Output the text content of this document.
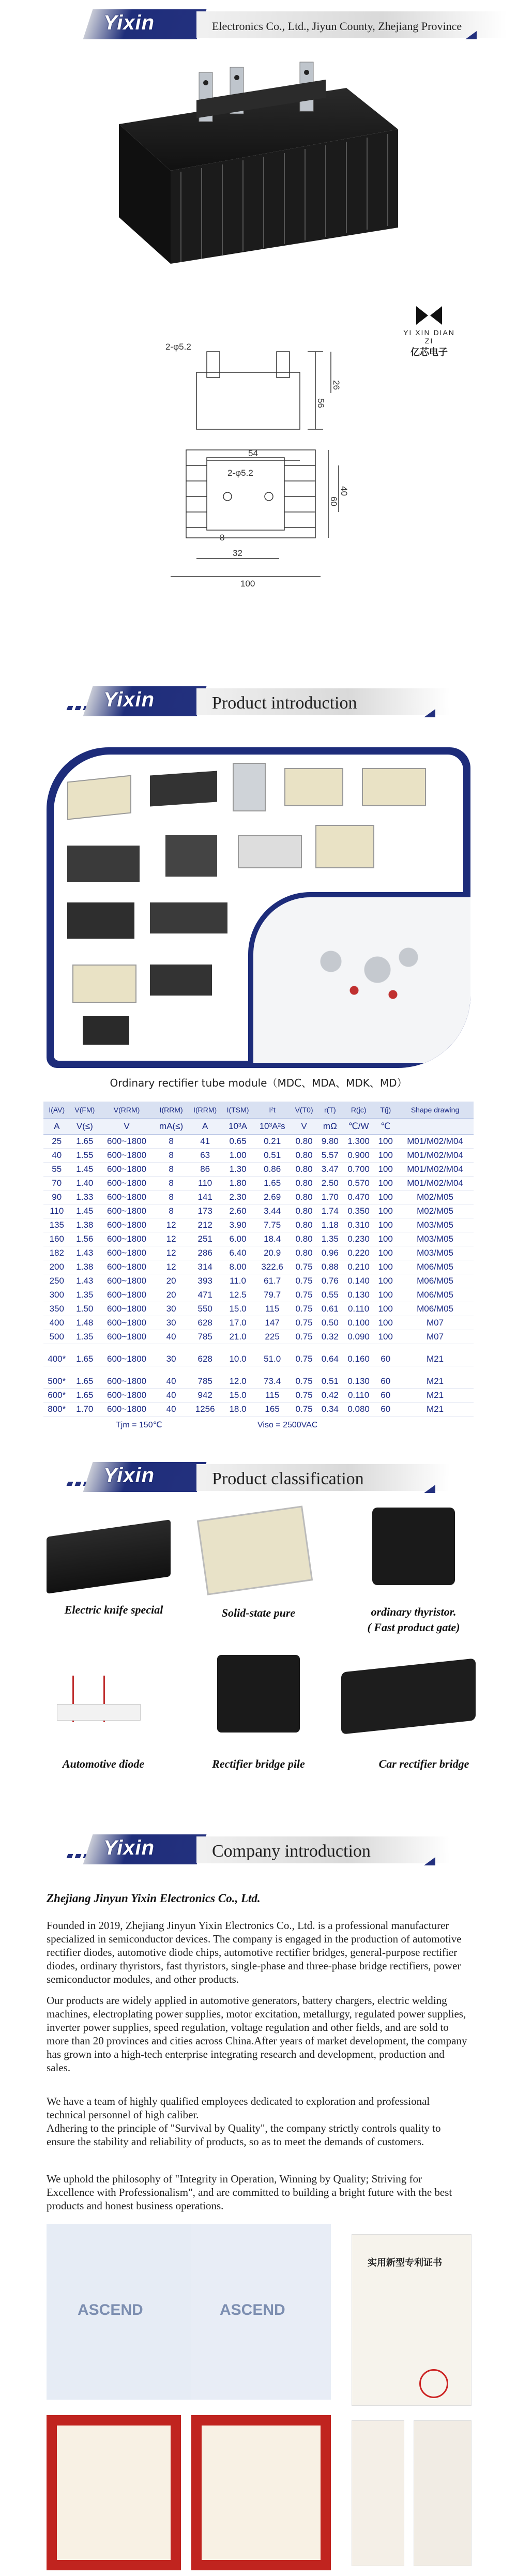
Yixin	Electronics Co., Ltd., Jiyun County, Zhejiang Province
YI XIN DIAN ZI
亿芯电子
2-φ5.2
26
56
54
2-φ5.2
40
60
8
32
100
Yixin	Product introduction
Ordinary rectifier tube module（MDC、MDA、MDK、MD）
I(AV)	V(FM)	V(RRM)	I(RRM)	I(RRM)	I(TSM)	I²t	V(T0)	r(T)	R(jc)	T(j)	Shape drawing
A	V(≤)	V	mA(≤)	A	10³A	10³A²s	V	mΩ	℃/W	℃	
25	1.65	600~1800	8	41	0.65	0.21	0.80	9.80	1.300	100	M01/M02/M04
40	1.55	600~1800	8	63	1.00	0.51	0.80	5.57	0.900	100	M01/M02/M04
55	1.45	600~1800	8	86	1.30	0.86	0.80	3.47	0.700	100	M01/M02/M04
70	1.40	600~1800	8	110	1.80	1.65	0.80	2.50	0.570	100	M01/M02/M04
90	1.33	600~1800	8	141	2.30	2.69	0.80	1.70	0.470	100	M02/M05
110	1.45	600~1800	8	173	2.60	3.44	0.80	1.74	0.350	100	M02/M05
135	1.38	600~1800	12	212	3.90	7.75	0.80	1.18	0.310	100	M03/M05
160	1.56	600~1800	12	251	6.00	18.4	0.80	1.35	0.230	100	M03/M05
182	1.43	600~1800	12	286	6.40	20.9	0.80	0.96	0.220	100	M03/M05
200	1.38	600~1800	12	314	8.00	322.6	0.75	0.88	0.210	100	M06/M05
250	1.43	600~1800	20	393	11.0	61.7	0.75	0.76	0.140	100	M06/M05
300	1.35	600~1800	20	471	12.5	79.7	0.75	0.55	0.130	100	M06/M05
350	1.50	600~1800	30	550	15.0	115	0.75	0.61	0.110	100	M06/M05
400	1.48	600~1800	30	628	17.0	147	0.75	0.50	0.100	100	M07
500	1.35	600~1800	40	785	21.0	225	0.75	0.32	0.090	100	M07

400*	1.65	600~1800	30	628	10.0	51.0	0.75	0.64	0.160	60	M21

500*	1.65	600~1800	40	785	12.0	73.4	0.75	0.51	0.130	60	M21
600*	1.65	600~1800	40	942	15.0	115	0.75	0.42	0.110	60	M21
800*	1.70	600~1800	40	1256	18.0	165	0.75	0.34	0.080	60	M21
Tjm = 150℃	Viso = 2500VAC
Yixin	Product classification
Electric knife special	Solid-state pure	ordinary thyristor.
( Fast product gate)
Automotive diode	Rectifier bridge pile	Car rectifier bridge
Yixin	Company introduction
Zhejiang Jinyun Yixin Electronics Co., Ltd.
Founded in 2019, Zhejiang Jinyun Yixin Electronics Co., Ltd. is a professional manufacturer specialized in semiconductor devices. The company is engaged in the production of automotive rectifier diodes, automotive diode chips, automotive rectifier bridges, general-purpose rectifier diodes, ordinary thyristors, fast thyristors, single-phase and three-phase bridge rectifiers, power semiconductor modules, and other products.
Our products are widely applied in automotive generators, battery chargers, electric welding machines, electroplating power supplies, motor excitation, metallurgy, regulated power supplies, inverter power supplies, speed regulation, voltage regulation and other fields, and are sold to more than 20 provinces and cities across China.After years of market development, the company has grown into a high-tech enterprise integrating research and development, production and sales.
We have a team of highly qualified employees dedicated to exploration and professional technical personnel of high caliber.
Adhering to the principle of "Survival by Quality", the company strictly controls quality to ensure the stability and reliability of products, so as to meet the demands of customers.
We uphold the philosophy of "Integrity in Operation, Winning by Quality; Striving for Excellence with Professionalism", and are committed to building a bright future with the best products and honest business operations.
ASCEND	ASCEND
实用新型专利证书
